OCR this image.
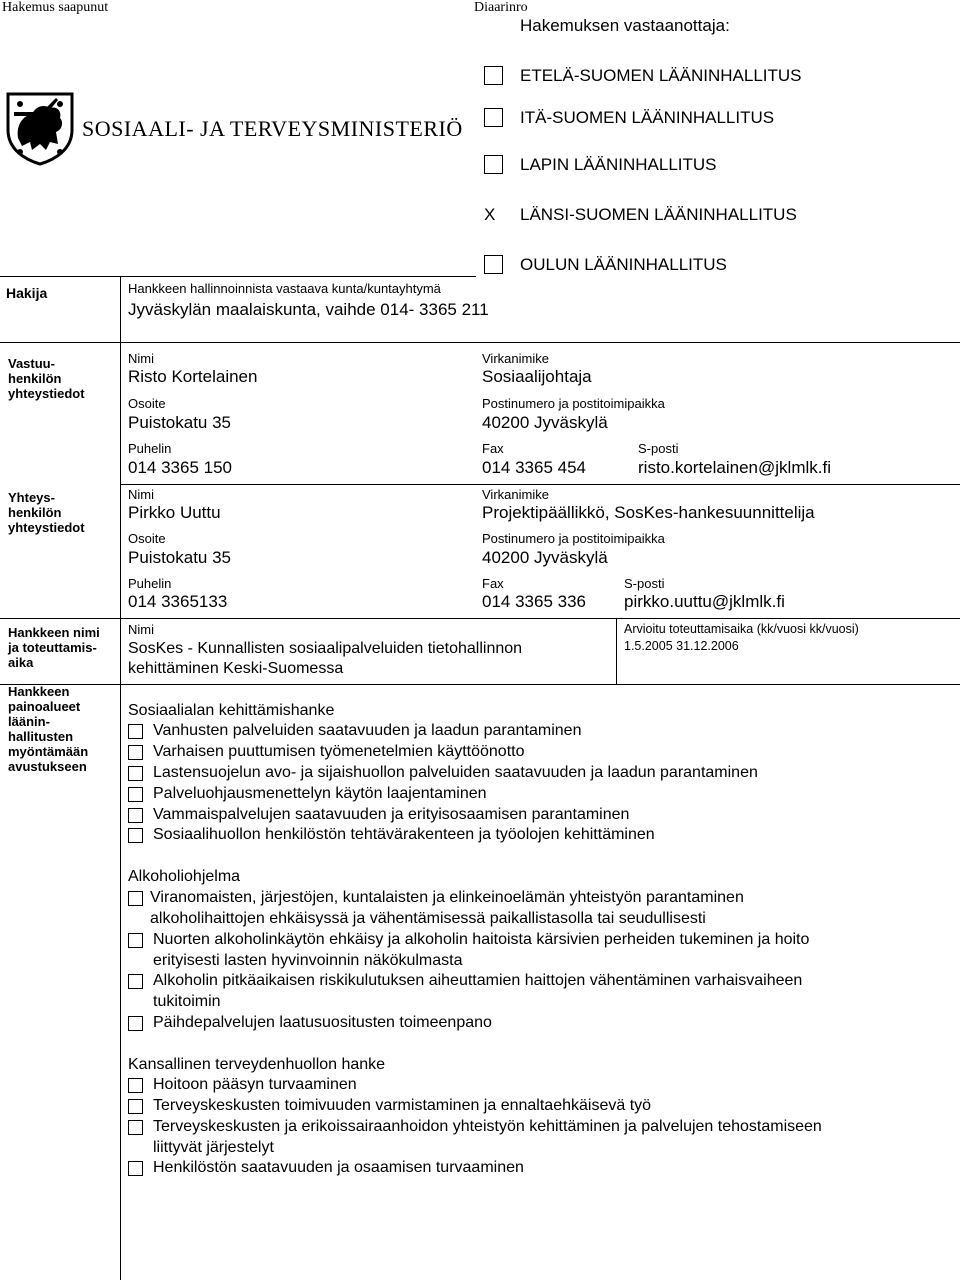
Hakemus saapunut	Diaarinro
Hakemuksen vastaanottaja:
SOSIAALI- JA TERVEYSMINISTERIÖ
ETELÄ-SUOMEN LÄÄNINHALLITUS
ITÄ-SUOMEN LÄÄNINHALLITUS
LAPIN LÄÄNINHALLITUS
X LÄNSI-SUOMEN LÄÄNINHALLITUS
OULUN LÄÄNINHALLITUS
Hakija	Hankkeen hallinnoinnista vastaava kunta/kuntayhtymä
Jyväskylän maalaiskunta, vaihde 014- 3365 211
Vastuu-
henkilön
yhteystiedot
Nimi
Risto Kortelainen
Virkanimike
Sosiaalijohtaja
Osoite
Puistokatu 35
Postinumero ja postitoimipaikka
40200 Jyväskylä
Puhelin
014 3365 150
Fax
014 3365 454
S-posti
risto.kortelainen@jklmlk.fi
Yhteys-
henkilön
yhteystiedot
Nimi
Pirkko Uuttu
Virkanimike
Projektipäällikkö, SosKes-hankesuunnittelija
Osoite
Puistokatu 35
Postinumero ja postitoimipaikka
40200 Jyväskylä
Puhelin
014 3365133
Fax
014 3365 336
S-posti
pirkko.uuttu@jklmlk.fi
Hankkeen nimi
ja toteuttamis-
aika
Nimi
SosKes - Kunnallisten sosiaalipalveluiden tietohallinnon
kehittäminen Keski-Suomessa
Arvioitu toteuttamisaika (kk/vuosi kk/vuosi)
1.5.2005 31.12.2006
Hankkeen
painoalueet
läänin-
hallitusten
myöntämään
avustukseen
Sosiaalialan kehittämishanke
Vanhusten palveluiden saatavuuden ja laadun parantaminen
Varhaisen puuttumisen työmenetelmien käyttöönotto
Lastensuojelun avo- ja sijaishuollon palveluiden saatavuuden ja laadun parantaminen
Palveluohjausmenettelyn käytön laajentaminen
Vammaispalvelujen saatavuuden ja erityisosaamisen parantaminen
Sosiaalihuollon henkilöstön tehtävärakenteen ja työolojen kehittäminen
Alkoholiohjelma
Viranomaisten, järjestöjen, kuntalaisten ja elinkeinoelämän yhteistyön parantaminen
alkoholihaittojen ehkäisyssä ja vähentämisessä paikallistasolla tai seudullisesti
Nuorten alkoholinkäytön ehkäisy ja alkoholin haitoista kärsivien perheiden tukeminen ja hoito
erityisesti lasten hyvinvoinnin näkökulmasta
Alkoholin pitkäaikaisen riskikulutuksen aiheuttamien haittojen vähentäminen varhaisvaiheen
tukitoimin
Päihdepalvelujen laatusuositusten toimeenpano
Kansallinen terveydenhuollon hanke
Hoitoon pääsyn turvaaminen
Terveyskeskusten toimivuuden varmistaminen ja ennaltaehkäisevä työ
Terveyskeskusten ja erikoissairaanhoidon yhteistyön kehittäminen ja palvelujen tehostamiseen
liittyvät järjestelyt
Henkilöstön saatavuuden ja osaamisen turvaaminen
